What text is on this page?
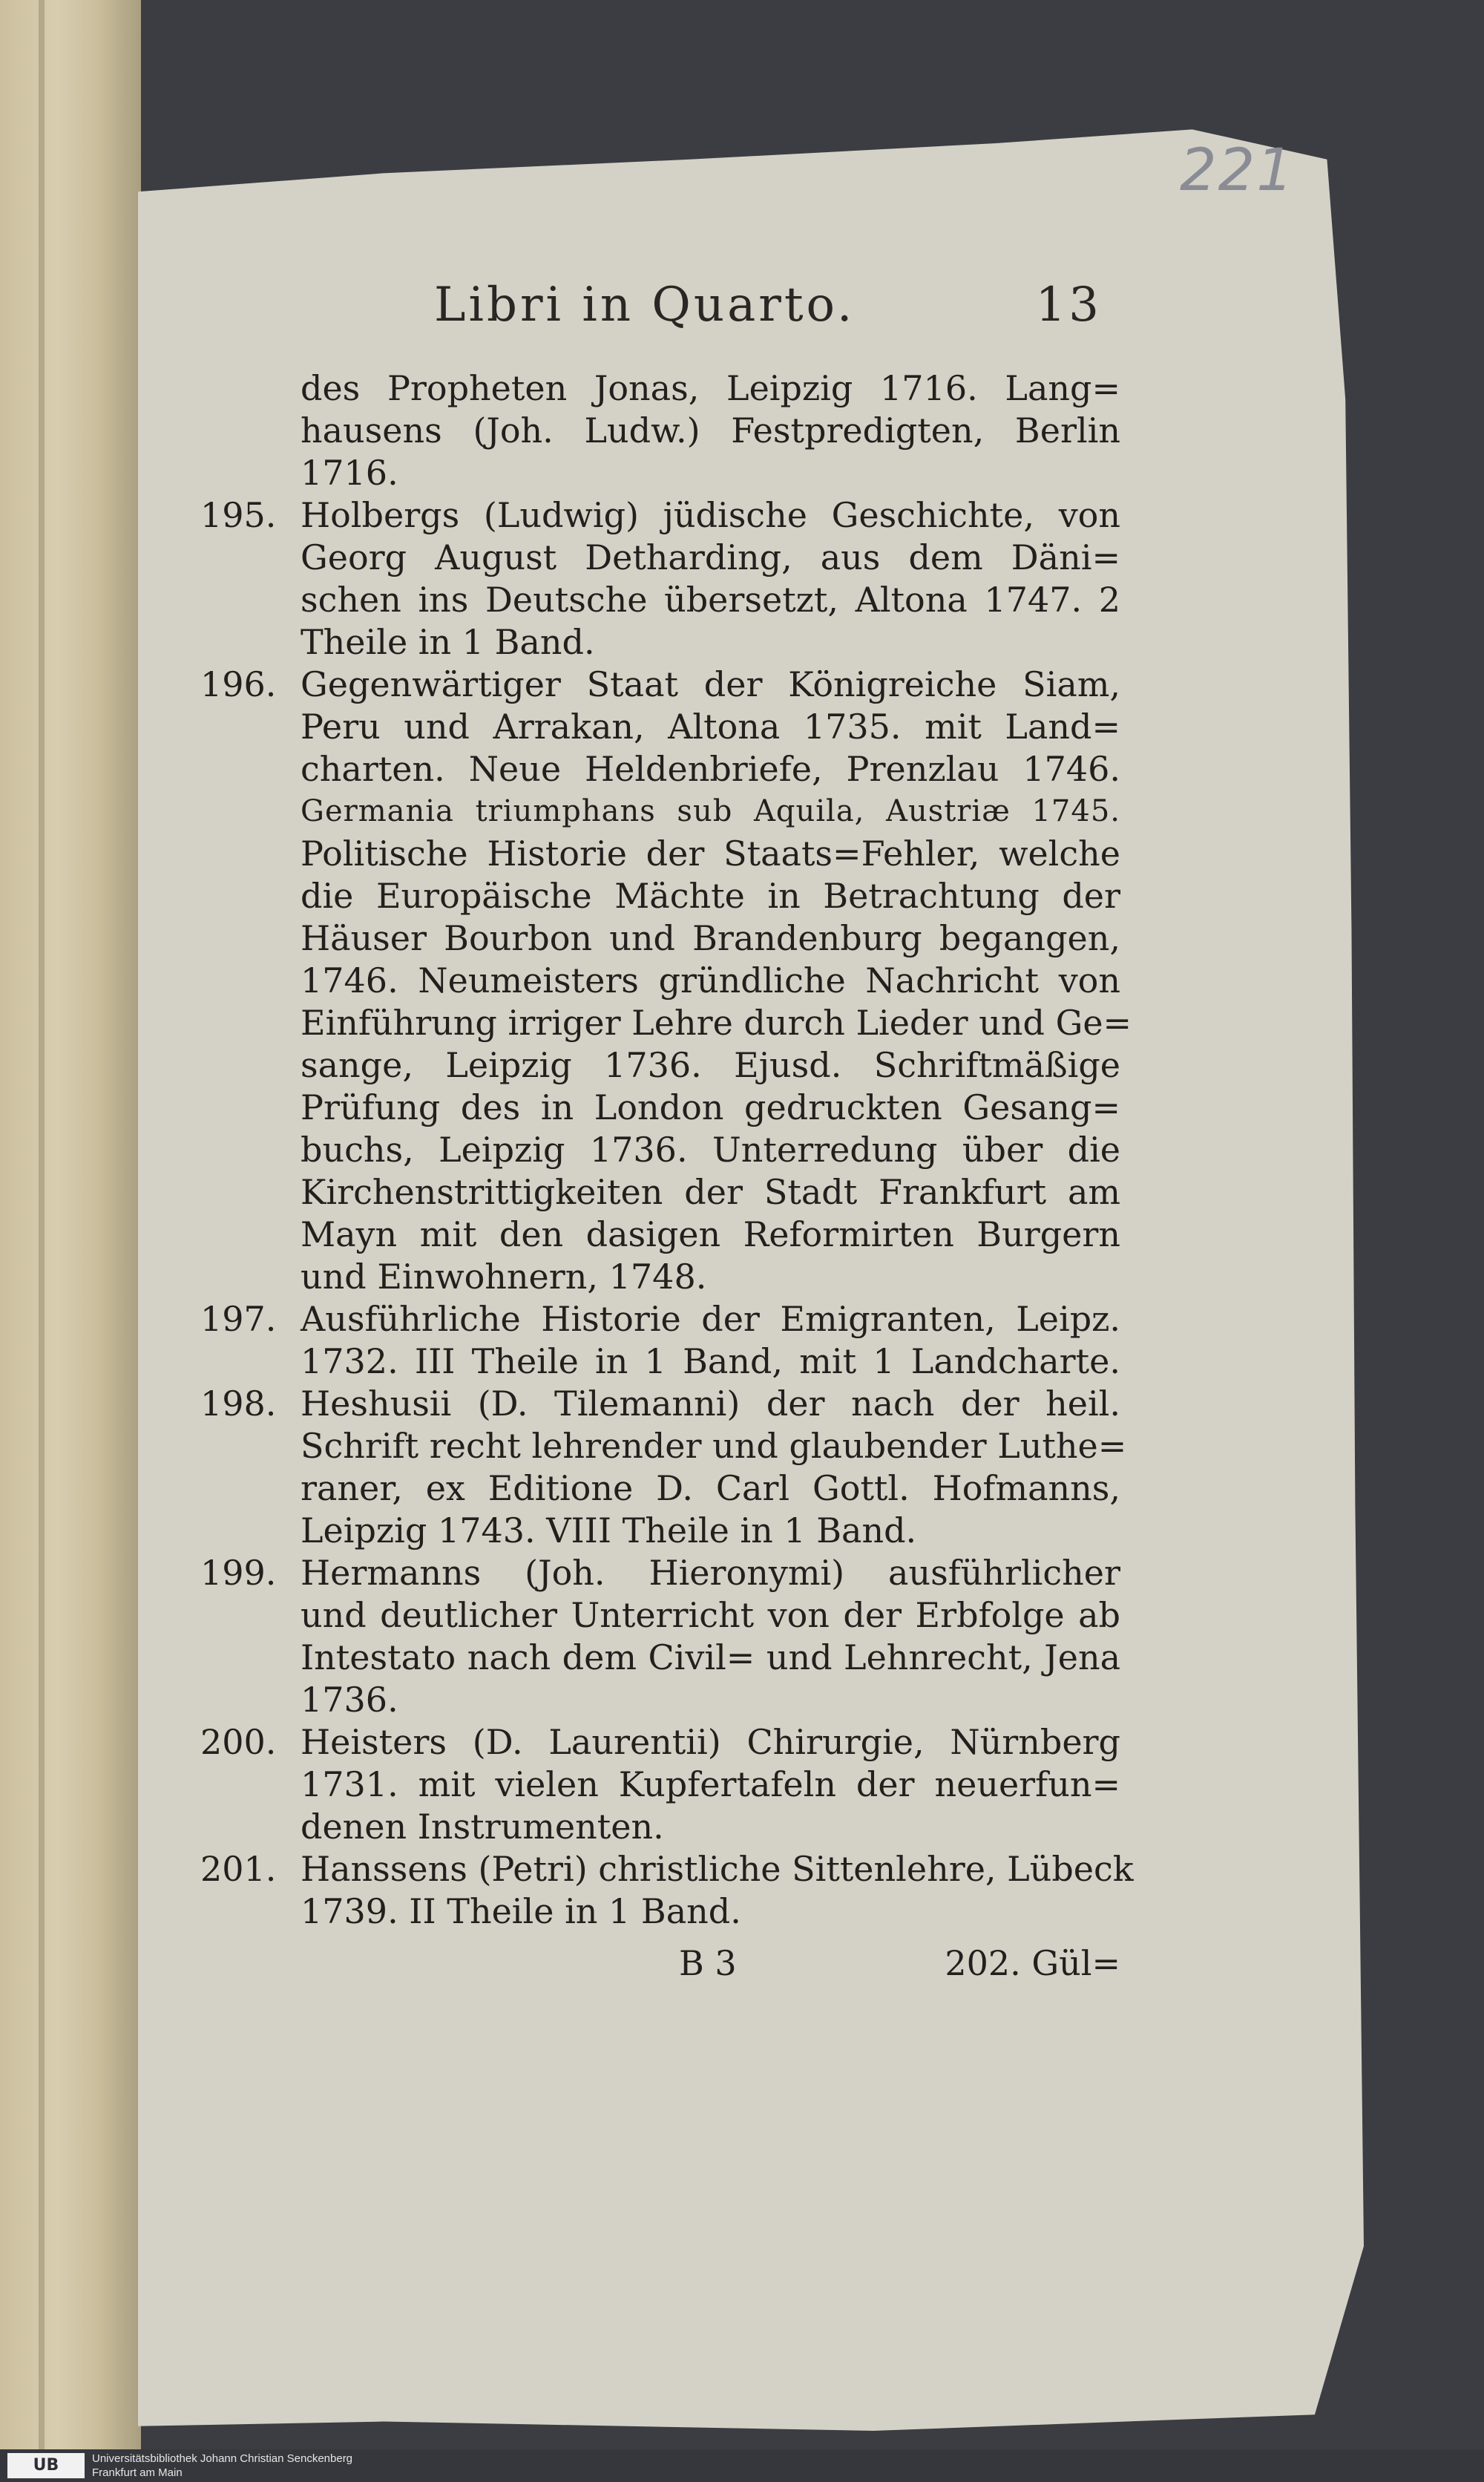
221
Libri in Quarto.	13
des Propheten Jonas, Leipzig 1716. Lang=
hausens (Joh. Ludw.) Festpredigten, Berlin
1716.
195. Holbergs (Ludwig) jüdische Geschichte, von
Georg August Detharding, aus dem Däni=
schen ins Deutsche übersetzt, Altona 1747. 2
Theile in 1 Band.
196. Gegenwärtiger Staat der Königreiche Siam,
Peru und Arrakan, Altona 1735. mit Land=
charten. Neue Heldenbriefe, Prenzlau 1746.
Germania triumphans sub Aquila, Austriæ 1745.
Politische Historie der Staats=Fehler, welche
die Europäische Mächte in Betrachtung der
Häuser Bourbon und Brandenburg begangen,
1746. Neumeisters gründliche Nachricht von
Einführung irriger Lehre durch Lieder und Ge=
sange, Leipzig 1736. Ejusd. Schriftmäßige
Prüfung des in London gedruckten Gesang=
buchs, Leipzig 1736. Unterredung über die
Kirchenstrittigkeiten der Stadt Frankfurt am
Mayn mit den dasigen Reformirten Burgern
und Einwohnern, 1748.
197. Ausführliche Historie der Emigranten, Leipz.
1732. III Theile in 1 Band, mit 1 Landcharte.
198. Heshusii (D. Tilemanni) der nach der heil.
Schrift recht lehrender und glaubender Luthe=
raner, ex Editione D. Carl Gottl. Hofmanns,
Leipzig 1743. VIII Theile in 1 Band.
199. Hermanns (Joh. Hieronymi) ausführlicher
und deutlicher Unterricht von der Erbfolge ab
Intestato nach dem Civil= und Lehnrecht, Jena
1736.
200. Heisters (D. Laurentii) Chirurgie, Nürnberg
1731. mit vielen Kupfertafeln der neuerfun=
denen Instrumenten.
201. Hanssens (Petri) christliche Sittenlehre, Lübeck
1739. II Theile in 1 Band.
B 3	202. Gül=
UB	Universitätsbibliothek Johann Christian Senckenberg
Frankfurt am Main
